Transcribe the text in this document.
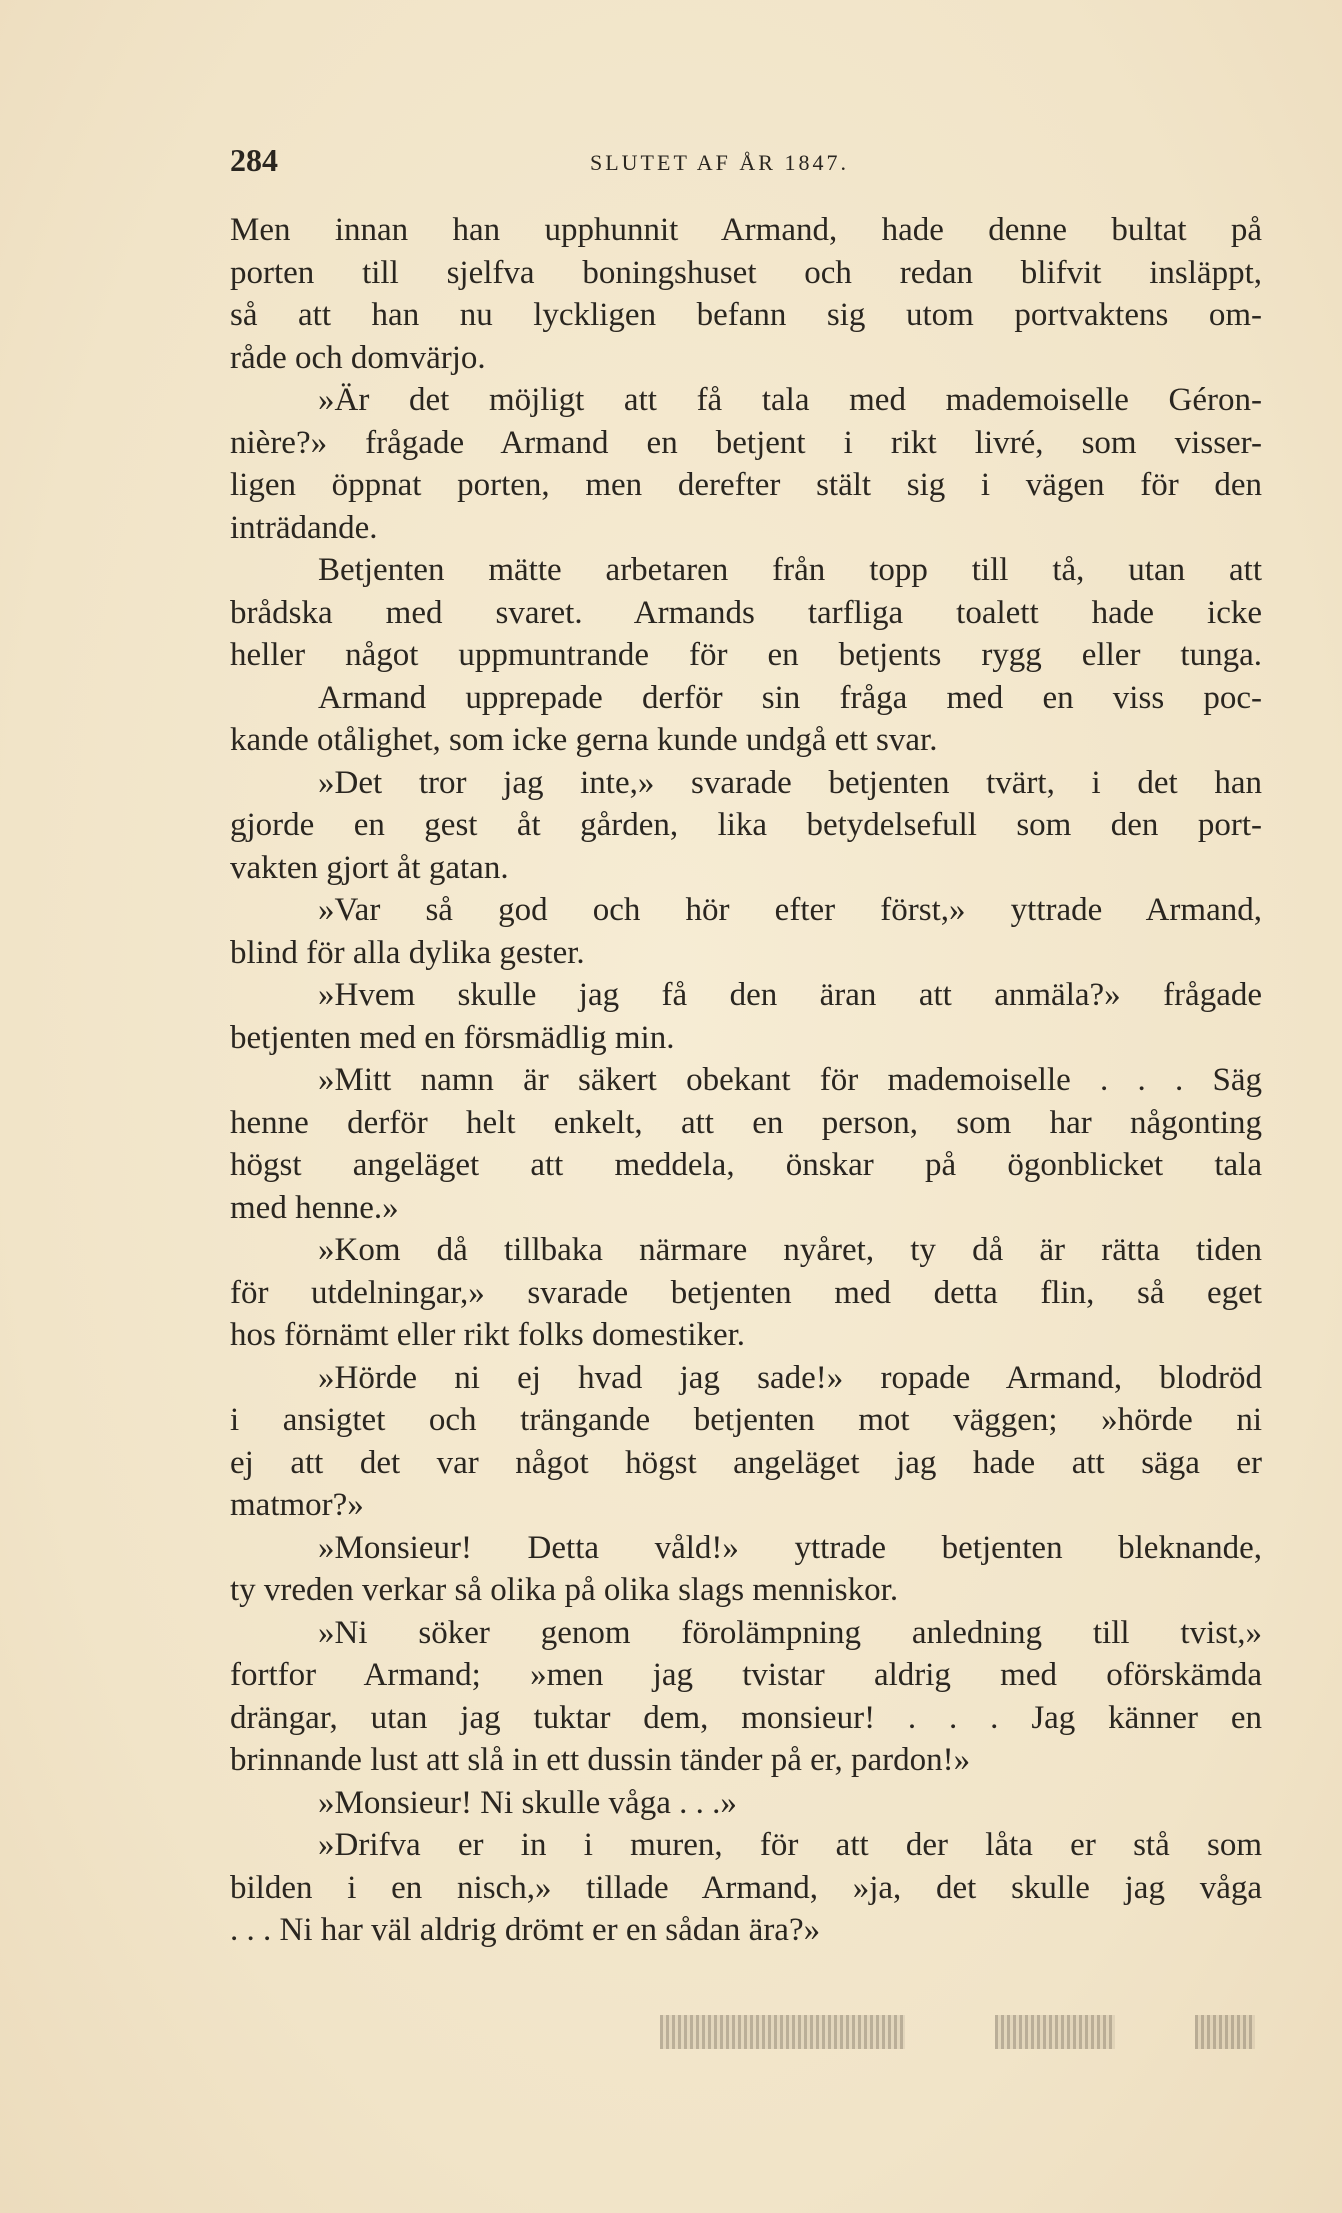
284	SLUTET AF ÅR 1847.
Men innan han upphunnit Armand, hade denne bultat på
porten till sjelfva boningshuset och redan blifvit insläppt,
så att han nu lyckligen befann sig utom portvaktens om-
råde och domvärjo.
»Är det möjligt att få tala med mademoiselle Géron-
nière?» frågade Armand en betjent i rikt livré, som visser-
ligen öppnat porten, men derefter stält sig i vägen för den
inträdande.
Betjenten mätte arbetaren från topp till tå, utan att
brådska med svaret. Armands tarfliga toalett hade icke
heller något uppmuntrande för en betjents rygg eller tunga.
Armand upprepade derför sin fråga med en viss poc-
kande otålighet, som icke gerna kunde undgå ett svar.
»Det tror jag inte,» svarade betjenten tvärt, i det han
gjorde en gest åt gården, lika betydelsefull som den port-
vakten gjort åt gatan.
»Var så god och hör efter först,» yttrade Armand,
blind för alla dylika gester.
»Hvem skulle jag få den äran att anmäla?» frågade
betjenten med en försmädlig min.
»Mitt namn är säkert obekant för mademoiselle . . . Säg
henne derför helt enkelt, att en person, som har någonting
högst angeläget att meddela, önskar på ögonblicket tala
med henne.»
»Kom då tillbaka närmare nyåret, ty då är rätta tiden
för utdelningar,» svarade betjenten med detta flin, så eget
hos förnämt eller rikt folks domestiker.
»Hörde ni ej hvad jag sade!» ropade Armand, blodröd
i ansigtet och trängande betjenten mot väggen; »hörde ni
ej att det var något högst angeläget jag hade att säga er
matmor?»
»Monsieur! Detta våld!» yttrade betjenten bleknande,
ty vreden verkar så olika på olika slags menniskor.
»Ni söker genom förolämpning anledning till tvist,»
fortfor Armand; »men jag tvistar aldrig med oförskämda
drängar, utan jag tuktar dem, monsieur! . . . Jag känner en
brinnande lust att slå in ett dussin tänder på er, pardon!»
»Monsieur! Ni skulle våga . . .»
»Drifva er in i muren, för att der låta er stå som
bilden i en nisch,» tillade Armand, »ja, det skulle jag våga
. . . Ni har väl aldrig drömt er en sådan ära?»
